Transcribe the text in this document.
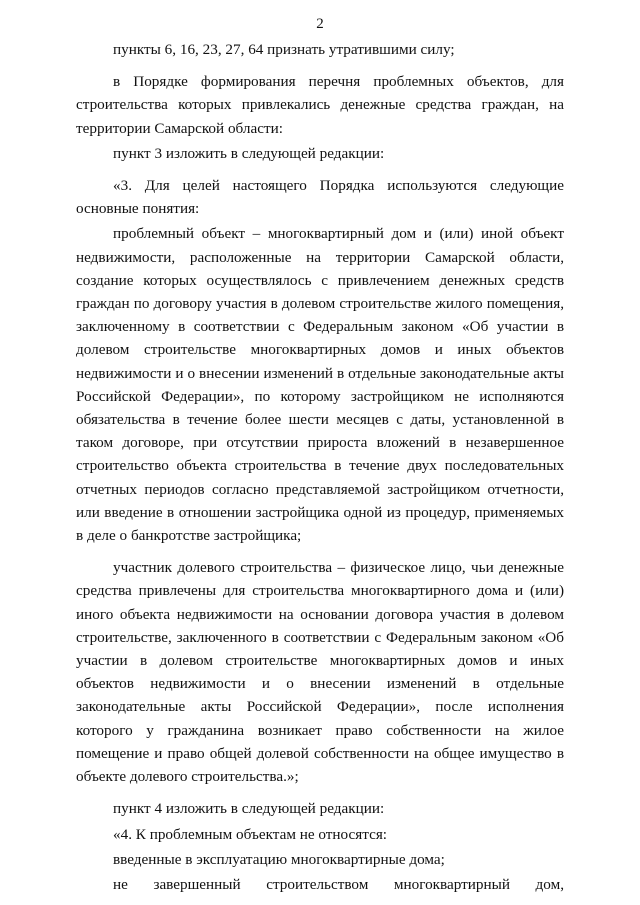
2

пункты 6, 16, 23, 27, 64 признать утратившими силу;

в Порядке формирования перечня проблемных объектов, для строительства которых привлекались денежные средства граждан, на территории Самарской области:

пункт 3 изложить в следующей редакции:

«3. Для целей настоящего Порядка используются следующие основные понятия:

проблемный объект – многоквартирный дом и (или) иной объект недвижимости, расположенные на территории Самарской области, создание которых осуществлялось с привлечением денежных средств граждан по договору участия в долевом строительстве жилого помещения, заключенному в соответствии с Федеральным законом «Об участии в долевом строительстве многоквартирных домов и иных объектов недвижимости и о внесении изменений в отдельные законодательные акты Российской Федерации», по которому застройщиком не исполняются обязательства в течение более шести месяцев с даты, установленной в таком договоре, при отсутствии прироста вложений в незавершенное строительство объекта строительства в течение двух последовательных отчетных периодов согласно представляемой застройщиком отчетности, или введение в отношении застройщика одной из процедур, применяемых в деле о банкротстве застройщика;

участник долевого строительства – физическое лицо, чьи денежные средства привлечены для строительства многоквартирного дома и (или) иного объекта недвижимости на основании договора участия в долевом строительстве, заключенного в соответствии с Федеральным законом «Об участии в долевом строительстве многоквартирных домов и иных объектов недвижимости и о внесении изменений в отдельные законодательные акты Российской Федерации», после исполнения которого у гражданина возникает право собственности на жилое помещение и право общей долевой собственности на общее имущество в объекте долевого строительства.»;

пункт 4 изложить в следующей редакции:

«4. К проблемным объектам не относятся:

введенные в эксплуатацию многоквартирные дома;

не завершенный строительством многоквартирный дом,
